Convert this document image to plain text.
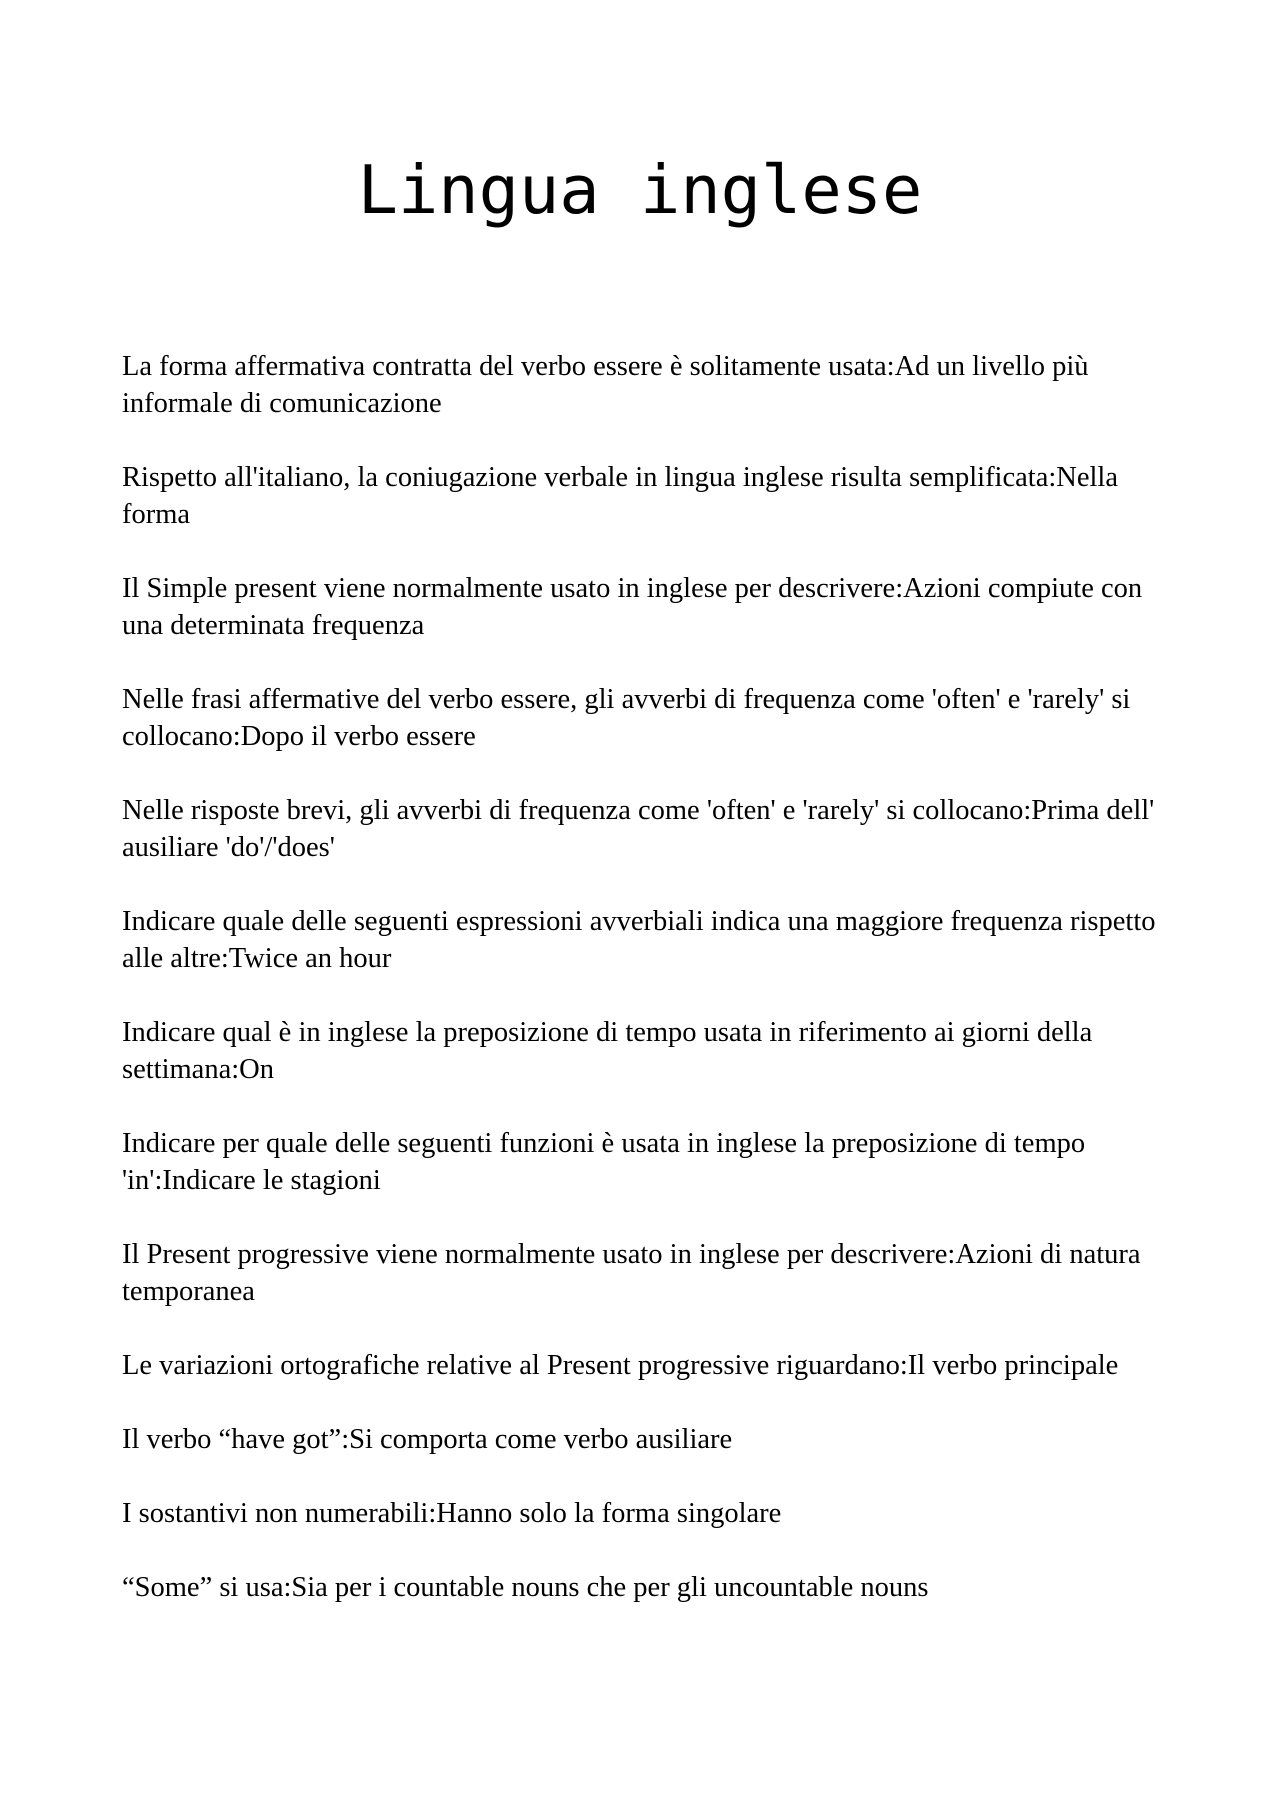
Lingua inglese
La forma affermativa contratta del verbo essere è solitamente usata:Ad un livello più informale di comunicazione
Rispetto all'italiano, la coniugazione verbale in lingua inglese risulta semplificata:Nella forma
Il Simple present viene normalmente usato in inglese per descrivere:Azioni compiute con una determinata frequenza
Nelle frasi affermative del verbo essere, gli avverbi di frequenza come 'often' e 'rarely' si collocano:Dopo il verbo essere
Nelle risposte brevi, gli avverbi di frequenza come 'often' e 'rarely' si collocano:Prima dell' ausiliare 'do'/'does'
Indicare quale delle seguenti espressioni avverbiali indica una maggiore frequenza rispetto alle altre:Twice an hour
Indicare qual è in inglese la preposizione di tempo usata in riferimento ai giorni della settimana:On
Indicare per quale delle seguenti funzioni è usata in inglese la preposizione di tempo 'in':Indicare le stagioni
Il Present progressive viene normalmente usato in inglese per descrivere:Azioni di natura temporanea
Le variazioni ortografiche relative al Present progressive riguardano:Il verbo principale
Il verbo “have got”:Si comporta come verbo ausiliare
I sostantivi non numerabili:Hanno solo la forma singolare
“Some” si usa:Sia per i countable nouns che per gli uncountable nouns
